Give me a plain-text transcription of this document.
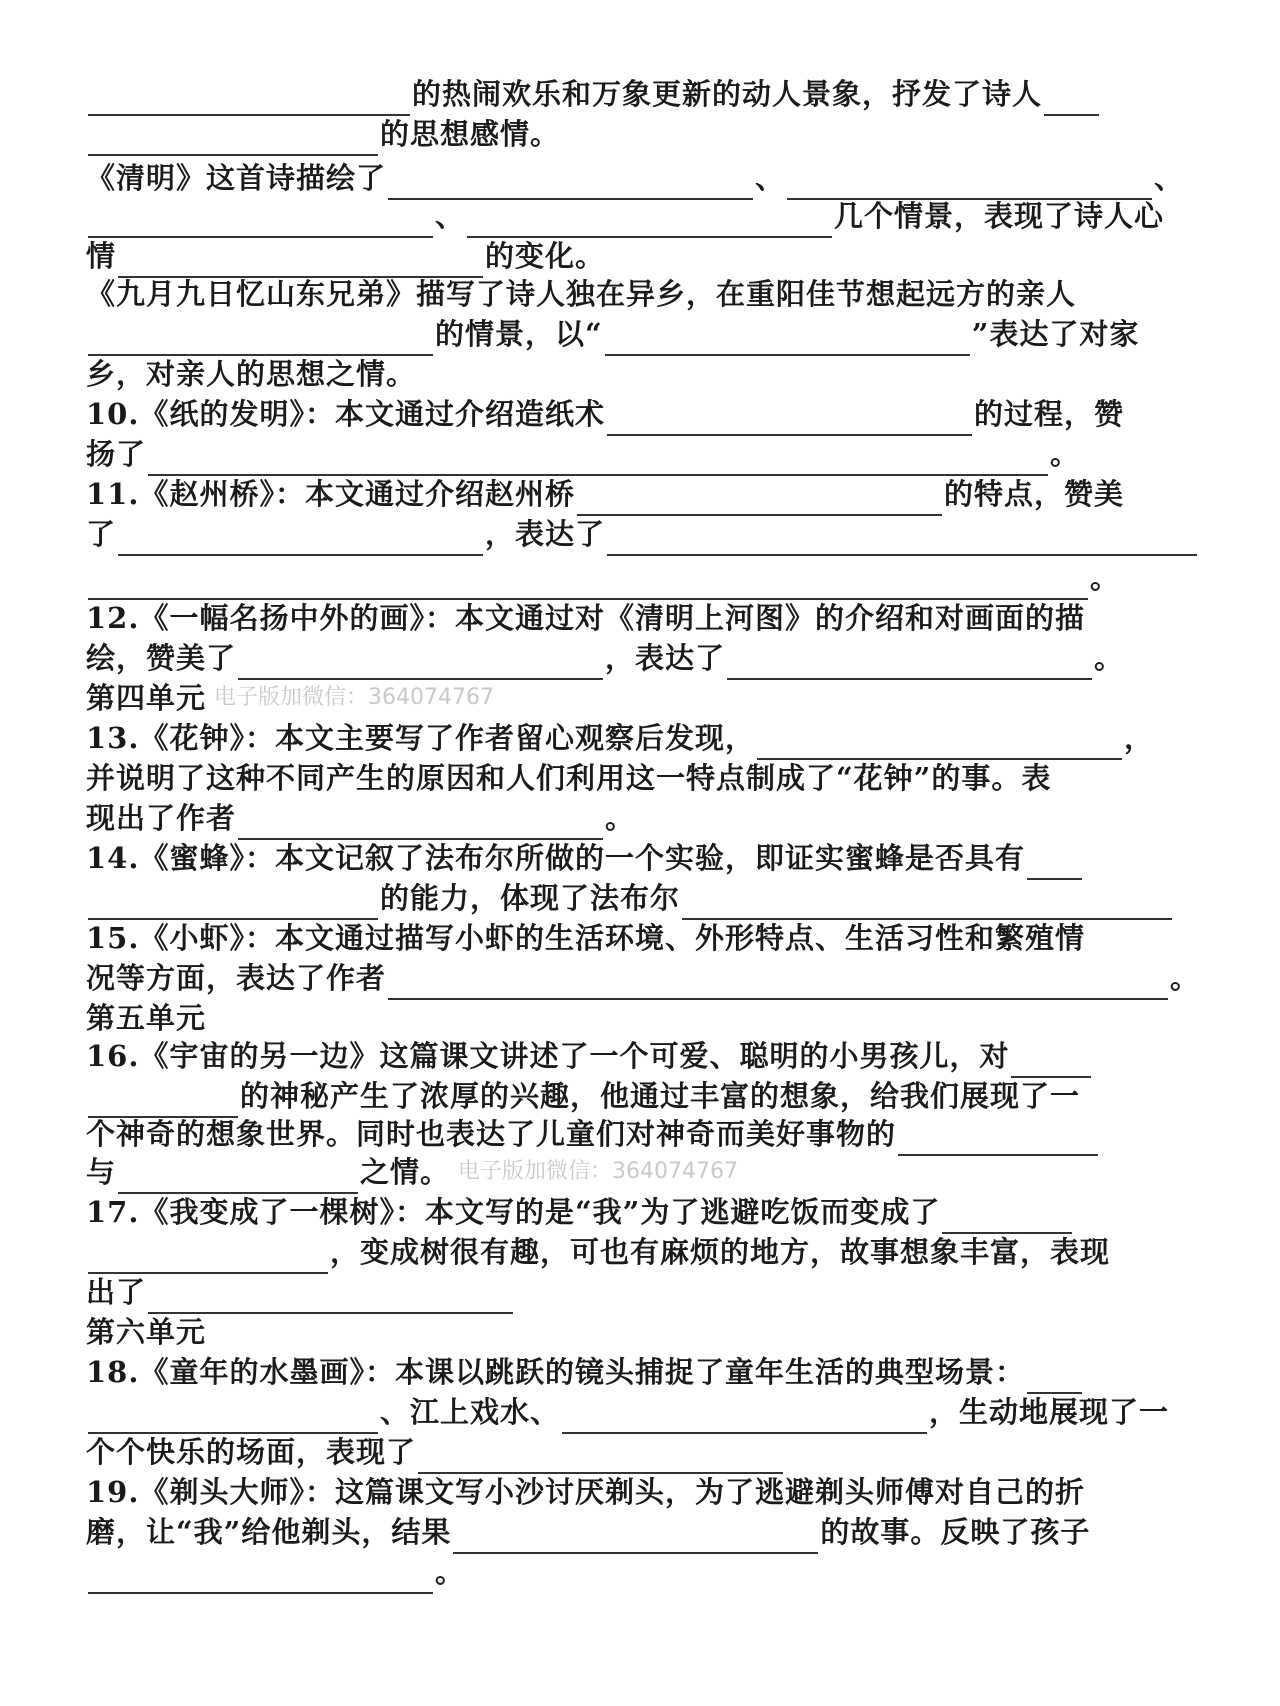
的热闹欢乐和万象更新的动人景象，抒发了诗人
的思想感情。
《清明》这首诗描绘了	、	、
、	几个情景，表现了诗人心
情	的变化。
《九月九日忆山东兄弟》描写了诗人独在异乡，在重阳佳节想起远方的亲人
的情景，以“	”表达了对家
乡，对亲人的思想之情。
10.《纸的发明》：本文通过介绍造纸术	的过程，赞
扬了	。
11.《赵州桥》：本文通过介绍赵州桥	的特点，赞美
了	，表达了
。
12.《一幅名扬中外的画》：本文通过对《清明上河图》的介绍和对画面的描
绘，赞美了	，表达了	。
第四单元 电子版加微信：364074767
13.《花钟》：本文主要写了作者留心观察后发现，	，
并说明了这种不同产生的原因和人们利用这一特点制成了“花钟”的事。表
现出了作者	。
14.《蜜蜂》：本文记叙了法布尔所做的一个实验，即证实蜜蜂是否具有
的能力，体现了法布尔
15.《小虾》：本文通过描写小虾的生活环境、外形特点、生活习性和繁殖情
况等方面，表达了作者	。
第五单元
16.《宇宙的另一边》这篇课文讲述了一个可爱、聪明的小男孩儿，对
的神秘产生了浓厚的兴趣，他通过丰富的想象，给我们展现了一
个神奇的想象世界。同时也表达了儿童们对神奇而美好事物的
与	之情。 电子版加微信：364074767
17.《我变成了一棵树》：本文写的是“我”为了逃避吃饭而变成了
，变成树很有趣，可也有麻烦的地方，故事想象丰富，表现
出了
第六单元
18.《童年的水墨画》：本课以跳跃的镜头捕捉了童年生活的典型场景：
、江上戏水、	，生动地展现了一
个个快乐的场面，表现了
19.《剃头大师》：这篇课文写小沙讨厌剃头，为了逃避剃头师傅对自己的折
磨，让“我”给他剃头，结果	的故事。反映了孩子
。
